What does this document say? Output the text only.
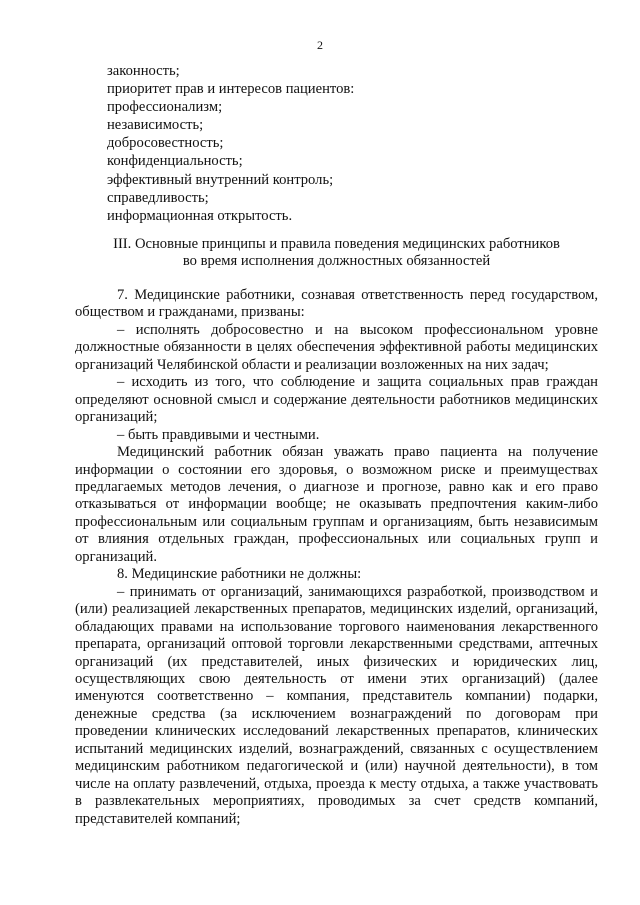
2
законность;
приоритет прав и интересов пациентов:
профессионализм;
независимость;
добросовестность;
конфиденциальность;
эффективный внутренний контроль;
справедливость;
информационная открытость.
III. Основные принципы и правила поведения медицинских работников
во время исполнения должностных обязанностей

7. Медицинские работники, сознавая ответственность перед государством, обществом и гражданами, призваны:

– исполнять добросовестно и на высоком профессиональном уровне должностные обязанности в целях обеспечения эффективной работы медицинских организаций Челябинской области и реализации возложенных на них задач;

– исходить из того, что соблюдение и защита социальных прав граждан определяют основной смысл и содержание деятельности работников медицинских организаций;

– быть правдивыми и честными.

Медицинский работник обязан уважать право пациента на получение информации о состоянии его здоровья, о возможном риске и преимуществах предлагаемых методов лечения, о диагнозе и прогнозе, равно как и его право отказываться от информации вообще; не оказывать предпочтения каким-либо профессиональным или социальным группам и организациям, быть независимым от влияния отдельных граждан, профессиональных или социальных групп и организаций.

8. Медицинские работники не должны:

– принимать от организаций, занимающихся разработкой, производством и (или) реализацией лекарственных препаратов, медицинских изделий, организаций, обладающих правами на использование торгового наименования лекарственного препарата, организаций оптовой торговли лекарственными средствами, аптечных организаций (их представителей, иных физических и юридических лиц, осуществляющих свою деятельность от имени этих организаций) (далее именуются соответственно – компания, представитель компании) подарки, денежные средства (за исключением вознаграждений по договорам при проведении клинических исследований лекарственных препаратов, клинических испытаний медицинских изделий, вознаграждений, связанных с осуществлением медицинским работником педагогической и (или) научной деятельности), в том числе на оплату развлечений, отдыха, проезда к месту отдыха, а также участвовать в развлекательных мероприятиях, проводимых за счет средств компаний, представителей компаний;
